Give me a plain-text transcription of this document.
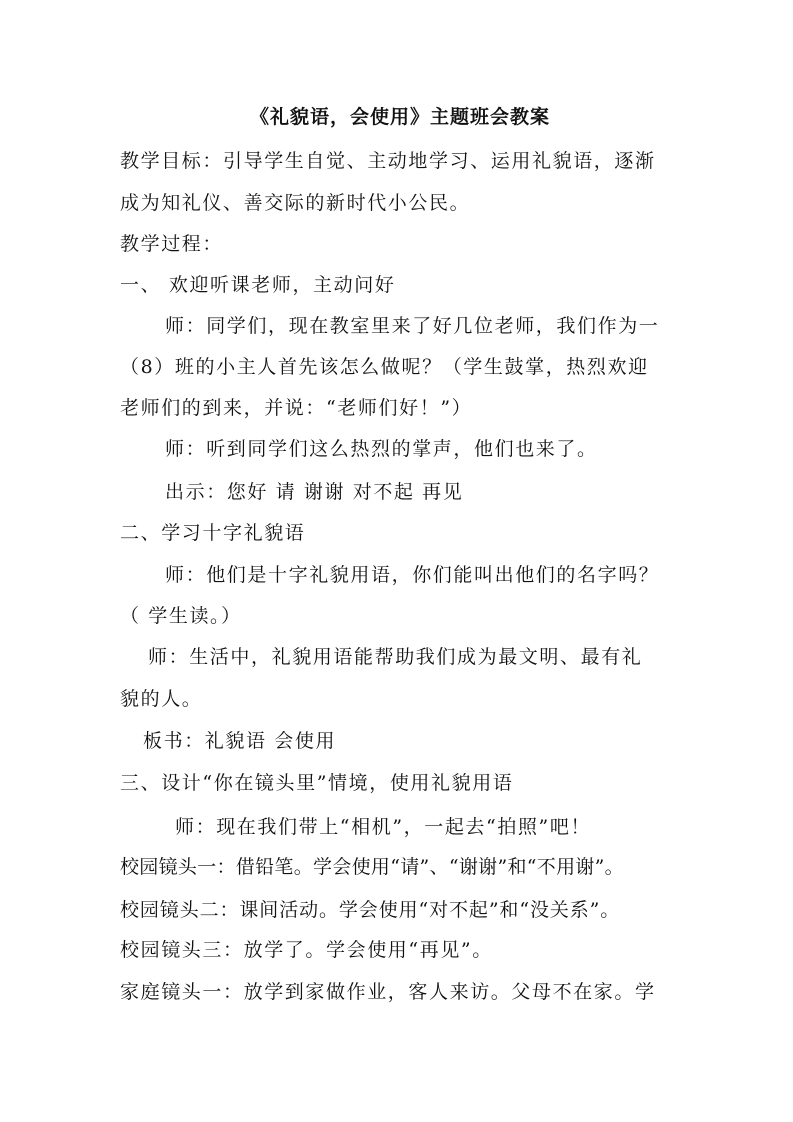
《礼貌语，会使用》主题班会教案
教学目标：引导学生自觉、主动地学习、运用礼貌语，逐渐
成为知礼仪、善交际的新时代小公民。
教学过程：
一、 欢迎听课老师，主动问好
师：同学们，现在教室里来了好几位老师，我们作为一
（8）班的小主人首先该怎么做呢？（学生鼓掌，热烈欢迎
老师们的到来，并说：“老师们好！”）
师：听到同学们这么热烈的掌声，他们也来了。
出示：您好 请 谢谢 对不起 再见
二、学习十字礼貌语
师：他们是十字礼貌用语，你们能叫出他们的名字吗？
（ 学生读。）
师：生活中，礼貌用语能帮助我们成为最文明、最有礼
貌的人。
板书：礼貌语 会使用
三、设计“你在镜头里”情境，使用礼貌用语
师：现在我们带上“相机”，一起去“拍照”吧！
校园镜头一：借铅笔。学会使用“请”、“谢谢”和“不用谢”。
校园镜头二：课间活动。学会使用“对不起”和“没关系”。
校园镜头三：放学了。学会使用“再见”。
家庭镜头一：放学到家做作业，客人来访。父母不在家。学
